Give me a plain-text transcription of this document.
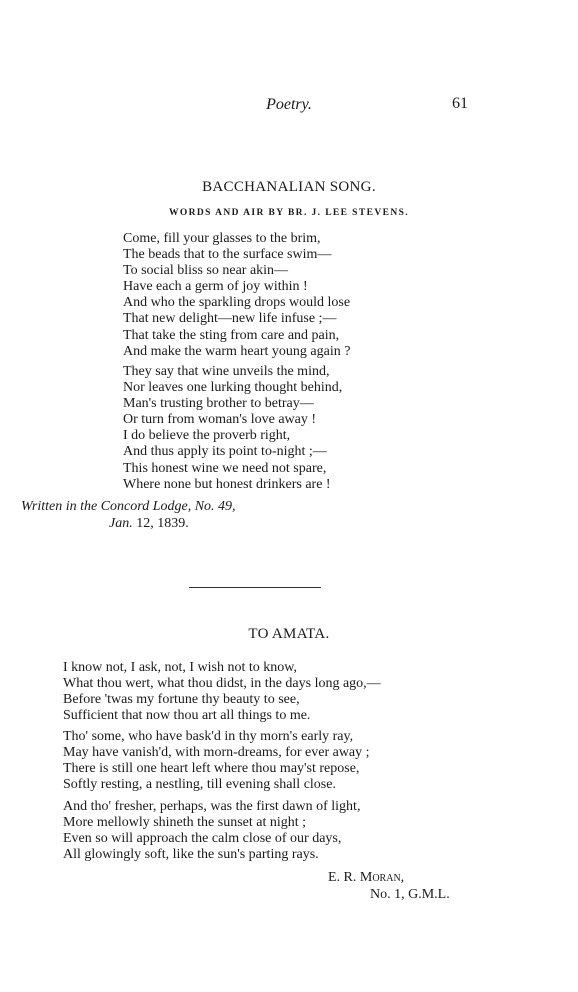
Poetry.	61
BACCHANALIAN SONG.
WORDS AND AIR BY BR. J. LEE STEVENS.
Come, fill your glasses to the brim,
The beads that to the surface swim—
To social bliss so near akin—
Have each a germ of joy within !
And who the sparkling drops would lose
That new delight—new life infuse ;—
That take the sting from care and pain,
And make the warm heart young again ?
They say that wine unveils the mind,
Nor leaves one lurking thought behind,
Man's trusting brother to betray—
Or turn from woman's love away !
I do believe the proverb right,
And thus apply its point to-night ;—
This honest wine we need not spare,
Where none but honest drinkers are !
Written in the Concord Lodge, No. 49,
Jan. 12, 1839.
TO AMATA.
I know not, I ask, not, I wish not to know,
What thou wert, what thou didst, in the days long ago,—
Before 'twas my fortune thy beauty to see,
Sufficient that now thou art all things to me.
Tho' some, who have bask'd in thy morn's early ray,
May have vanish'd, with morn-dreams, for ever away ;
There is still one heart left where thou may'st repose,
Softly resting, a nestling, till evening shall close.
And tho' fresher, perhaps, was the first dawn of light,
More mellowly shineth the sunset at night ;
Even so will approach the calm close of our days,
All glowingly soft, like the sun's parting rays.
E. R. Moran,
No. 1, G.M.L.
